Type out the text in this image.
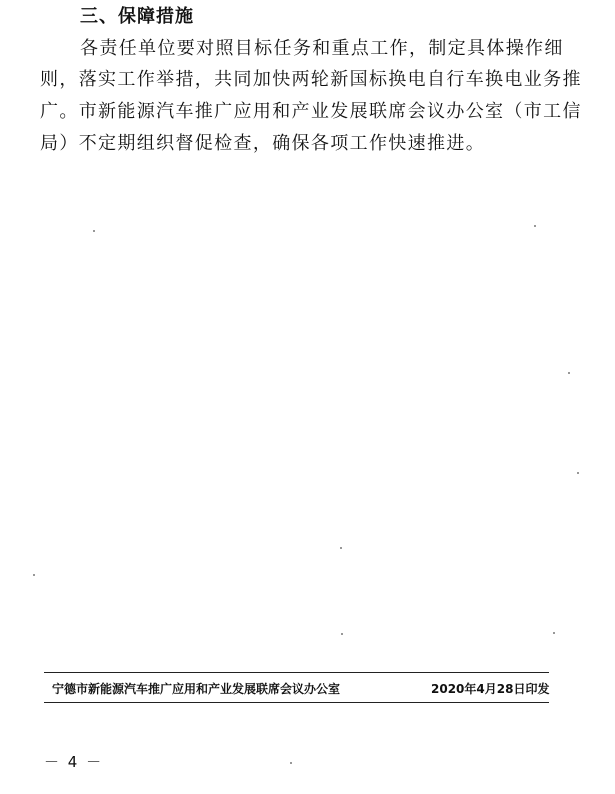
三、保障措施
各责任单位要对照目标任务和重点工作，制定具体操作细
则，落实工作举措，共同加快两轮新国标换电自行车换电业务推
广。市新能源汽车推广应用和产业发展联席会议办公室（市工信
局）不定期组织督促检查，确保各项工作快速推进。
宁德市新能源汽车推广应用和产业发展联席会议办公室	2020年4月28日印发
－ 4 －
